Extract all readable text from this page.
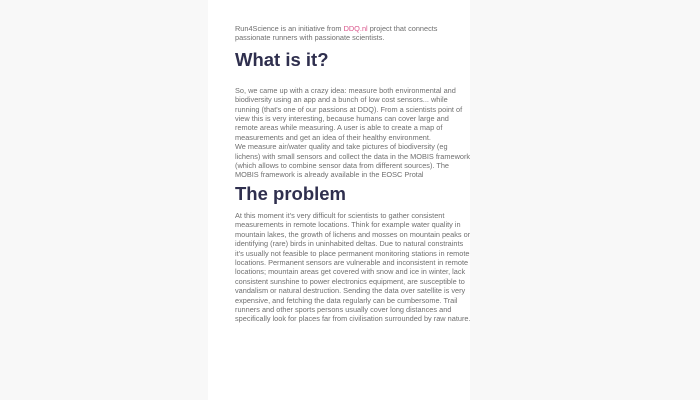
Run4Science is an initiative from DDQ.nl project that connects passionate runners with passionate scientists.

What is it?

So, we came up with a crazy idea: measure both environmental and biodiversity using an app and a bunch of low cost sensors... while running (that's one of our passions at DDQ). From a scientists point of view this is very interesting, because humans can cover large and remote areas while measuring. A user is able to create a map of measurements and get an idea of their healthy environment.

We measure air/water quality and take pictures of biodiversity (eg lichens) with small sensors and collect the data in the MOBIS framework (which allows to combine sensor data from different sources). The MOBIS framework is already available in the EOSC Protal

The problem

At this moment it's very difficult for scientists to gather consistent measurements in remote locations. Think for example water quality in mountain lakes, the growth of lichens and mosses on mountain peaks or identifying (rare) birds in uninhabited deltas. Due to natural constraints it's usually not feasible to place permanent monitoring stations in remote locations. Permanent sensors are vulnerable and inconsistent in remote locations; mountain areas get covered with snow and ice in winter, lack consistent sunshine to power electronics equipment, are susceptible to vandalism or natural destruction. Sending the data over satellite is very expensive, and fetching the data regularly can be cumbersome. Trail runners and other sports persons usually cover long distances and specifically look for places far from civilisation surrounded by raw nature.
